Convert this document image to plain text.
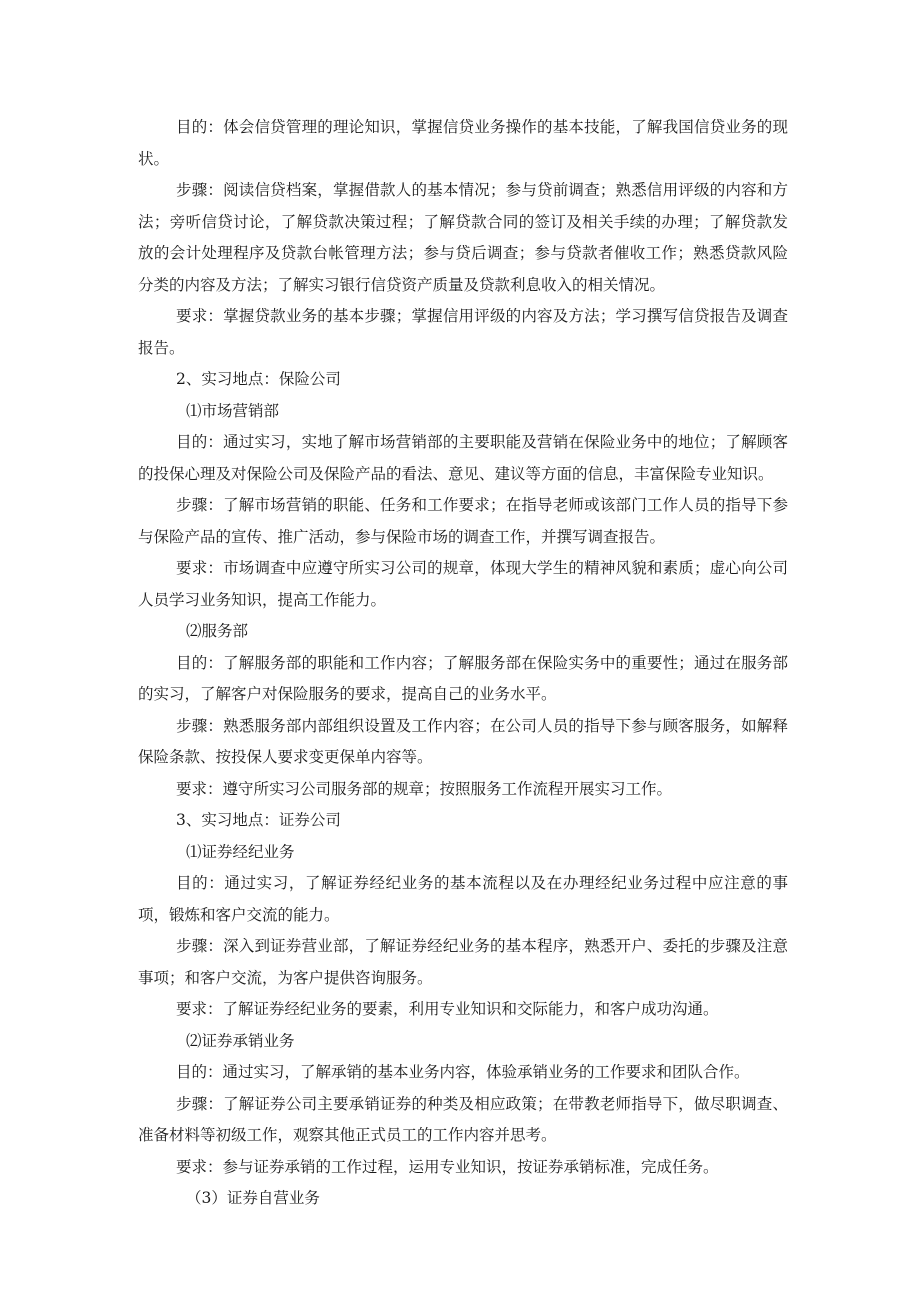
目的：体会信贷管理的理论知识，掌握信贷业务操作的基本技能，了解我国信贷业务的现状。

步骤：阅读信贷档案，掌握借款人的基本情况；参与贷前调查；熟悉信用评级的内容和方法；旁听信贷讨论，了解贷款决策过程；了解贷款合同的签订及相关手续的办理；了解贷款发放的会计处理程序及贷款台帐管理方法；参与贷后调查；参与贷款者催收工作；熟悉贷款风险分类的内容及方法；了解实习银行信贷资产质量及贷款利息收入的相关情况。

要求：掌握贷款业务的基本步骤；掌握信用评级的内容及方法；学习撰写信贷报告及调查报告。

2、实习地点：保险公司

⑴市场营销部

目的：通过实习，实地了解市场营销部的主要职能及营销在保险业务中的地位；了解顾客的投保心理及对保险公司及保险产品的看法、意见、建议等方面的信息，丰富保险专业知识。

步骤：了解市场营销的职能、任务和工作要求；在指导老师或该部门工作人员的指导下参与保险产品的宣传、推广活动，参与保险市场的调查工作，并撰写调查报告。

要求：市场调查中应遵守所实习公司的规章，体现大学生的精神风貌和素质；虚心向公司人员学习业务知识，提高工作能力。

⑵服务部

目的：了解服务部的职能和工作内容；了解服务部在保险实务中的重要性；通过在服务部的实习，了解客户对保险服务的要求，提高自己的业务水平。

步骤：熟悉服务部内部组织设置及工作内容；在公司人员的指导下参与顾客服务，如解释保险条款、按投保人要求变更保单内容等。

要求：遵守所实习公司服务部的规章；按照服务工作流程开展实习工作。

3、实习地点：证券公司

⑴证券经纪业务

目的：通过实习，了解证券经纪业务的基本流程以及在办理经纪业务过程中应注意的事项，锻炼和客户交流的能力。

步骤：深入到证券营业部，了解证券经纪业务的基本程序，熟悉开户、委托的步骤及注意事项；和客户交流，为客户提供咨询服务。

要求：了解证券经纪业务的要素，利用专业知识和交际能力，和客户成功沟通。

⑵证券承销业务

目的：通过实习，了解承销的基本业务内容，体验承销业务的工作要求和团队合作。

步骤：了解证券公司主要承销证券的种类及相应政策；在带教老师指导下，做尽职调查、准备材料等初级工作，观察其他正式员工的工作内容并思考。

要求：参与证券承销的工作过程，运用专业知识，按证券承销标准，完成任务。

（3）证券自营业务
